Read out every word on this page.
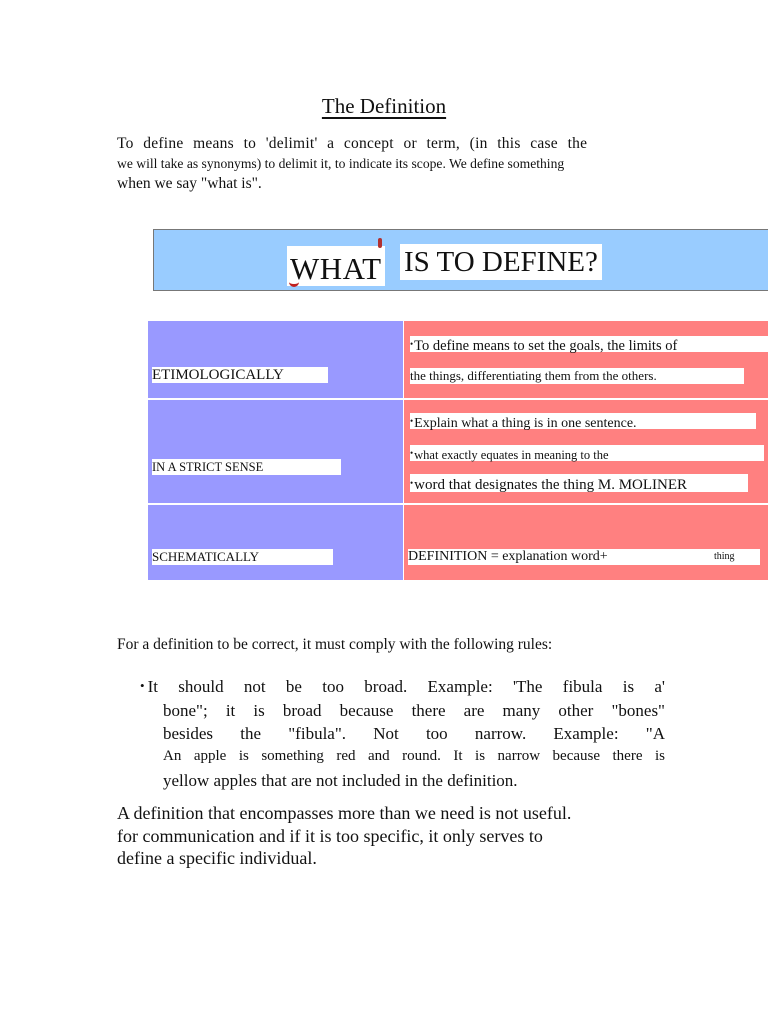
The Definition
To define means to 'delimit' a concept or term, (in this case the
we will take as synonyms) to delimit it, to indicate its scope. We define something
when we say "what is".
WHAT IS TO DEFINE?
ETIMOLOGICALLY
•To define means to set the goals, the limits of
the things, differentiating them from the others.
IN A STRICT SENSE
•Explain what a thing is in one sentence.
•what exactly equates in meaning to the
•word that designates the thing M. MOLINER
SCHEMATICALLY	DEFINITION = explanation word+	thing
For a definition to be correct, it must comply with the following rules:
• It should not be too broad. Example: 'The fibula is a'
bone"; it is broad because there are many other "bones"
besides the "fibula". Not too narrow. Example: "A
An apple is something red and round. It is narrow because there is
yellow apples that are not included in the definition.
A definition that encompasses more than we need is not useful.
for communication and if it is too specific, it only serves to
define a specific individual.
